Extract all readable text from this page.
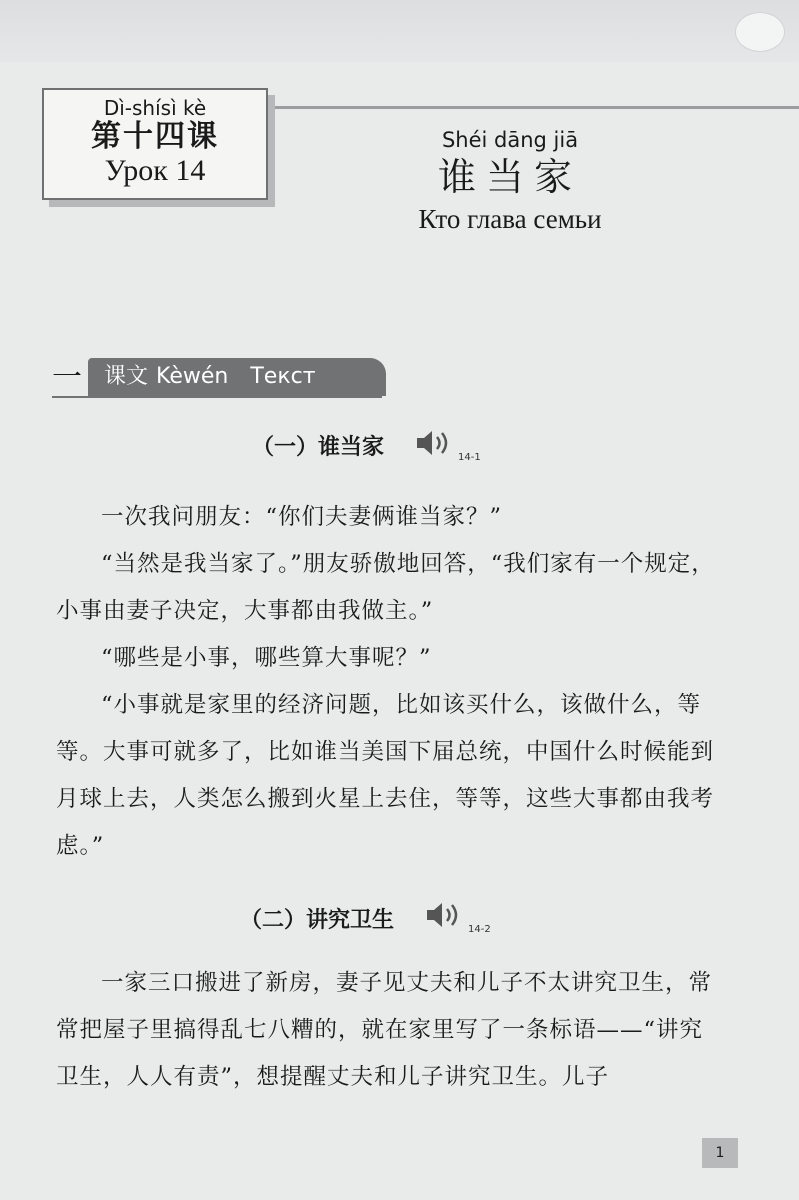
Dì-shísì kè
第十四课
Урок 14
Shéi dāng jiā
谁当家
Кто глава семьи
一	课文 Kèwén Текст
（一）谁当家	14-1

一次我问朋友：“你们夫妻俩谁当家？”

“当然是我当家了。”朋友骄傲地回答，“我们家有一个规定，小事由妻子决定，大事都由我做主。”

“哪些是小事，哪些算大事呢？”

“小事就是家里的经济问题，比如该买什么，该做什么，等等。大事可就多了，比如谁当美国下届总统，中国什么时候能到月球上去，人类怎么搬到火星上去住，等等，这些大事都由我考虑。”

（二）讲究卫生	14-2

一家三口搬进了新房，妻子见丈夫和儿子不太讲究卫生，常常把屋子里搞得乱七八糟的，就在家里写了一条标语——“讲究卫生，人人有责”，想提醒丈夫和儿子讲究卫生。儿子

1
